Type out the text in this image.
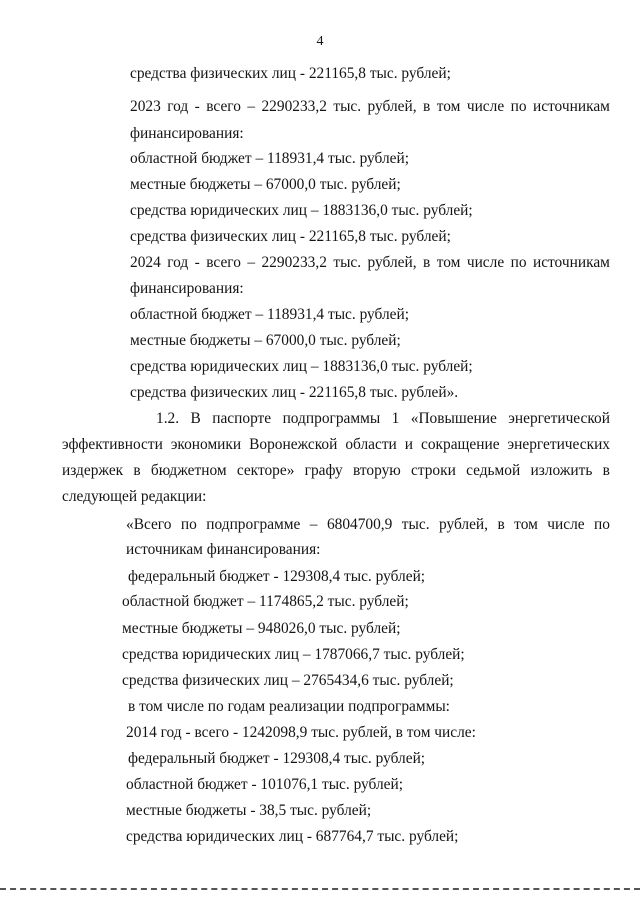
4
средства физических лиц - 221165,8 тыс. рублей;
2023 год - всего – 2290233,2 тыс. рублей, в том числе по источникам
финансирования:
областной бюджет – 118931,4 тыс. рублей;
местные бюджеты – 67000,0 тыс. рублей;
средства юридических лиц – 1883136,0 тыс. рублей;
средства физических лиц - 221165,8 тыс. рублей;
2024 год - всего – 2290233,2 тыс. рублей, в том числе по источникам
финансирования:
областной бюджет – 118931,4 тыс. рублей;
местные бюджеты – 67000,0 тыс. рублей;
средства юридических лиц – 1883136,0 тыс. рублей;
средства физических лиц - 221165,8 тыс. рублей».
1.2. В паспорте подпрограммы 1 «Повышение энергетической
эффективности экономики Воронежской области и сокращение энергетических
издержек в бюджетном секторе» графу вторую строки седьмой изложить в
следующей редакции:
«Всего по подпрограмме – 6804700,9 тыс. рублей, в том числе по
источникам финансирования:
федеральный бюджет - 129308,4 тыс. рублей;
областной бюджет – 1174865,2 тыс. рублей;
местные бюджеты – 948026,0 тыс. рублей;
средства юридических лиц – 1787066,7 тыс. рублей;
средства физических лиц – 2765434,6 тыс. рублей;
в том числе по годам реализации подпрограммы:
2014 год - всего - 1242098,9 тыс. рублей, в том числе:
федеральный бюджет - 129308,4 тыс. рублей;
областной бюджет - 101076,1 тыс. рублей;
местные бюджеты - 38,5 тыс. рублей;
средства юридических лиц - 687764,7 тыс. рублей;
